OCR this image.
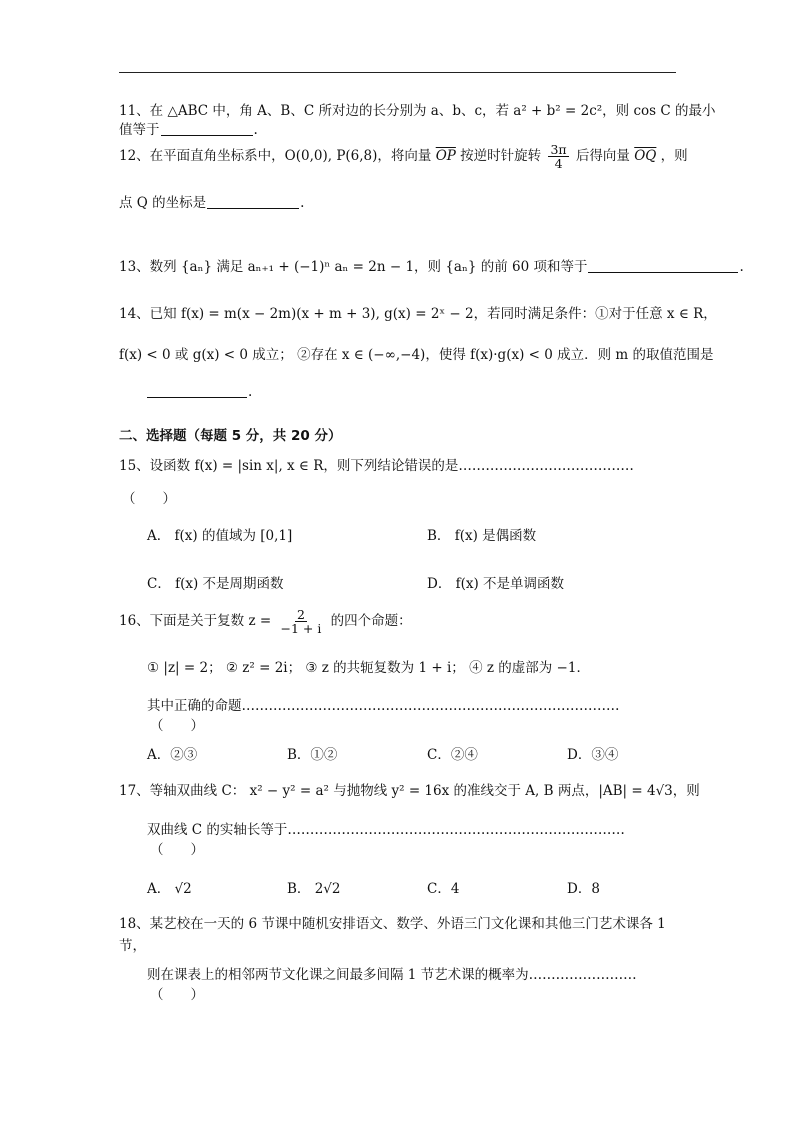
11、在 △ABC 中，角 A、B、C 所对边的长分别为 a、b、c，若 a² + b² = 2c²，则 cos C 的最小
值等于	.
12、在平面直角坐标系中，O(0,0), P(6,8)，将向量 $\overline{OP}$ 按逆时针旋转 $\frac{3\pi}{4}$ 后得向量 $\overline{OQ}$ ，则
点 Q 的坐标是	.
13、数列 {aₙ} 满足 aₙ₊₁ + (−1)ⁿ aₙ = 2n − 1，则 {aₙ} 的前 60 项和等于	.
14、已知 f(x) = m(x − 2m)(x + m + 3), g(x) = 2ˣ − 2，若同时满足条件：①对于任意 x ∈ R，
f(x) < 0 或 g(x) < 0 成立； ②存在 x ∈ (−∞,−4)，使得 f(x)·g(x) < 0 成立．则 m 的取值范围是
.
二、选择题（每题 5 分，共 20 分）
15、设函数 f(x) = |sin x|, x ∈ R，则下列结论错误的是…………………………………
（　　）
A． f(x) 的值域为 [0,1]	B． f(x) 是偶函数
C． f(x) 不是周期函数	D． f(x) 不是单调函数
16、下面是关于复数 $z = \frac{2}{-1 + i}$ 的四个命题：
① |z| = 2； ② z² = 2i； ③ z 的共轭复数为 1 + i； ④ z 的虚部为 −1．
其中正确的命题…………………………………………………………………………
（　　）
A．②③	B．①②	C．②④	D．③④
17、等轴双曲线 C： x² − y² = a² 与抛物线 y² = 16x 的准线交于 A, B 两点，|AB| = 4√3，则
双曲线 C 的实轴长等于…………………………………………………………………
（　　）
A． √2	B． 2√2	C．4	D．8
18、某艺校在一天的 6 节课中随机安排语文、数学、外语三门文化课和其他三门艺术课各 1
节，
则在课表上的相邻两节文化课之间最多间隔 1 节艺术课的概率为……………………
（　　）
